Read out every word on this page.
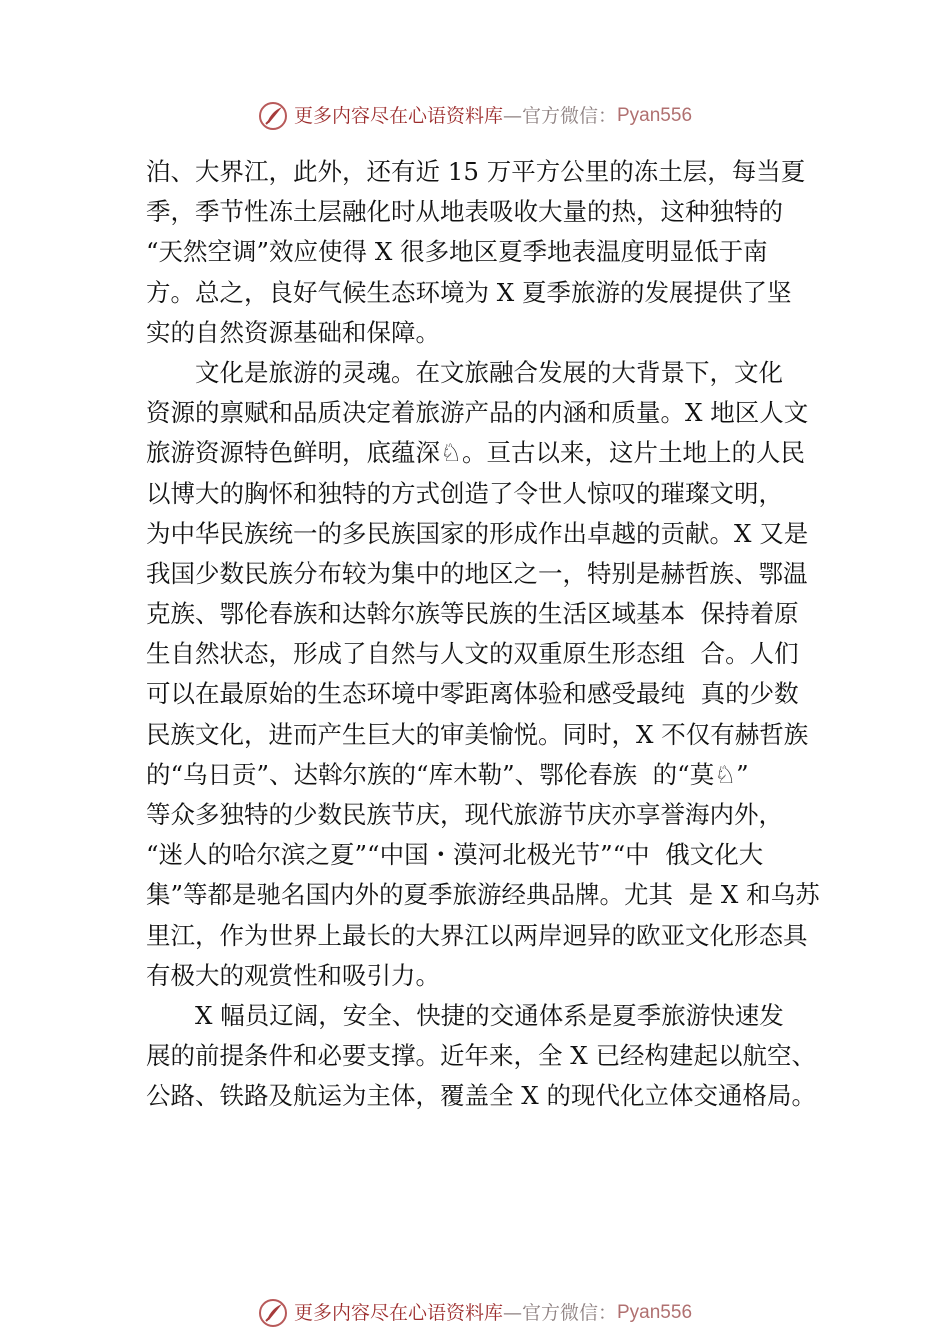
更多内容尽在心语资料库 — 官方微信： Pyan556
泊、大界江，此外，还有近 15 万平方公里的冻土层，每当夏
季，季节性冻土层融化时从地表吸收大量的热，这种独特的
“天然空调”效应使得 X 很多地区夏季地表温度明显低于南
方。总之，良好气候生态环境为 X 夏季旅游的发展提供了坚
实的自然资源基础和保障。
文化是旅游的灵魂。在文旅融合发展的大背景下，文化
资源的禀赋和品质决定着旅游产品的内涵和质量。X 地区人文
旅游资源特色鲜明，底蕴深♘。亘古以来，这片土地上的人民
以博大的胸怀和独特的方式创造了令世人惊叹的璀璨文明，
为中华民族统一的多民族国家的形成作出卓越的贡献。X 又是
我国少数民族分布较为集中的地区之一，特别是赫哲族、鄂温
克族、鄂伦春族和达斡尔族等民族的生活区域基本  保持着原
生自然状态，形成了自然与人文的双重原生形态组  合。人们
可以在最原始的生态环境中零距离体验和感受最纯  真的少数
民族文化，进而产生巨大的审美愉悦。同时，X 不仅有赫哲族
的“乌日贡”、达斡尔族的“库木勒”、鄂伦春族  的“莫♘”
等众多独特的少数民族节庆，现代旅游节庆亦享誉海内外，
“迷人的哈尔滨之夏”“中国・漠河北极光节”“中  俄文化大
集”等都是驰名国内外的夏季旅游经典品牌。尤其  是 X 和乌苏
里江，作为世界上最长的大界江以两岸迥异的欧亚文化形态具
有极大的观赏性和吸引力。
X 幅员辽阔，安全、快捷的交通体系是夏季旅游快速发
展的前提条件和必要支撑。近年来，全 X 已经构建起以航空、
公路、铁路及航运为主体，覆盖全 X 的现代化立体交通格局。
更多内容尽在心语资料库 — 官方微信： Pyan556
